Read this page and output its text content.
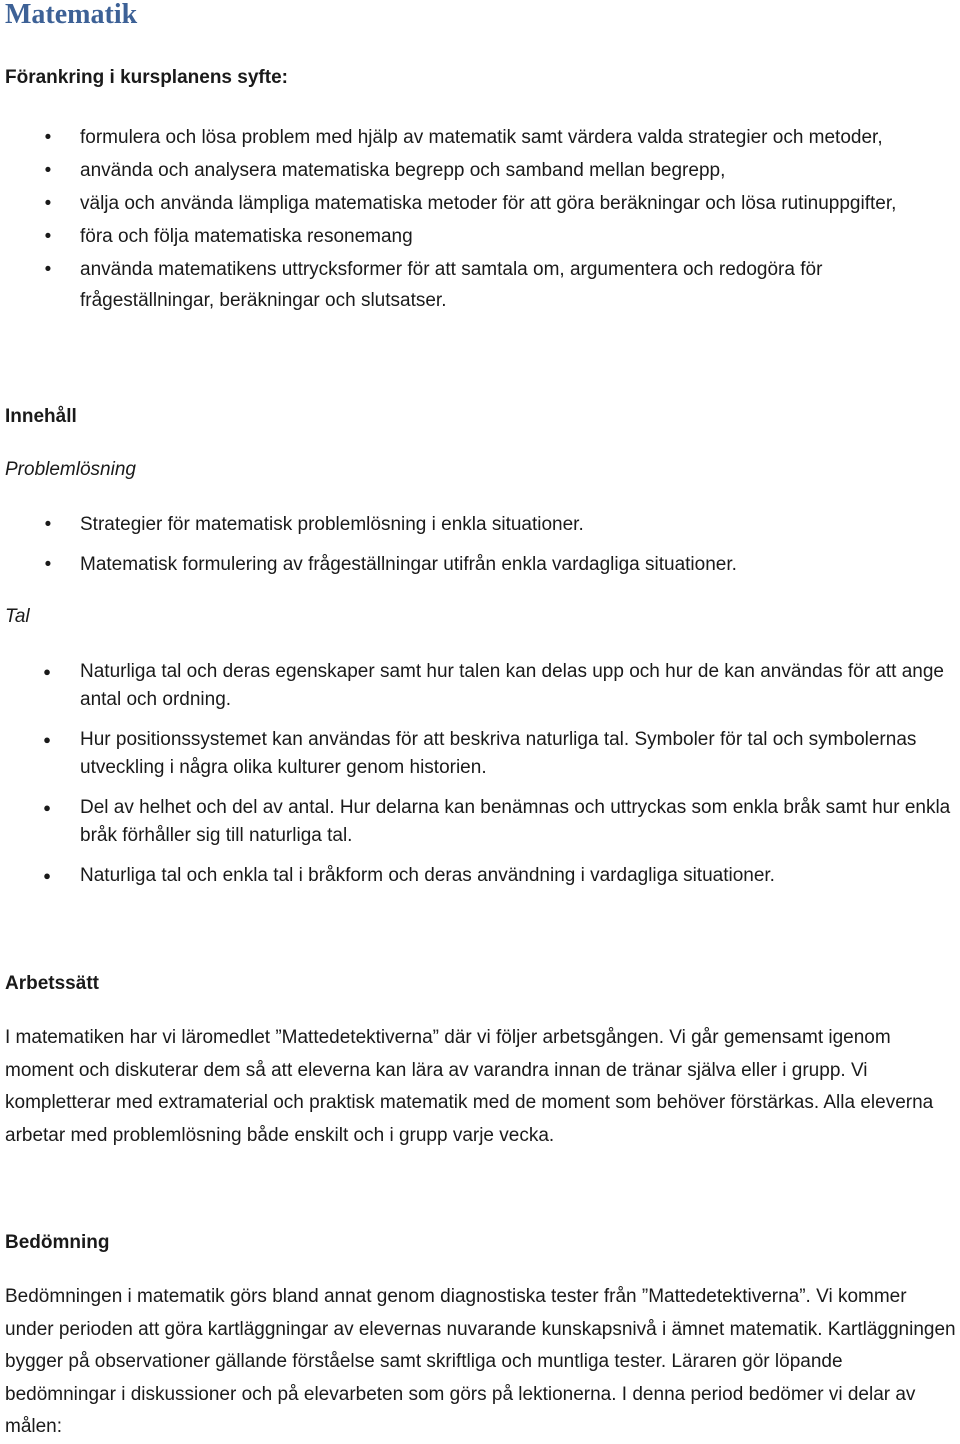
Matematik
Förankring i kursplanens syfte:
• formulera och lösa problem med hjälp av matematik samt värdera valda strategier och metoder,
• använda och analysera matematiska begrepp och samband mellan begrepp,
• välja och använda lämpliga matematiska metoder för att göra beräkningar och lösa rutinuppgifter,
• föra och följa matematiska resonemang
• använda matematikens uttrycksformer för att samtala om, argumentera och redogöra för frågeställningar, beräkningar och slutsatser.
Innehåll
Problemlösning
• Strategier för matematisk problemlösning i enkla situationer.
• Matematisk formulering av frågeställningar utifrån enkla vardagliga situationer.
Tal
● Naturliga tal och deras egenskaper samt hur talen kan delas upp och hur de kan användas för att ange antal och ordning.
● Hur positionssystemet kan användas för att beskriva naturliga tal. Symboler för tal och symbolernas utveckling i några olika kulturer genom historien.
● Del av helhet och del av antal. Hur delarna kan benämnas och uttryckas som enkla bråk samt hur enkla bråk förhåller sig till naturliga tal.
● Naturliga tal och enkla tal i bråkform och deras användning i vardagliga situationer.
Arbetssätt

I matematiken har vi läromedlet ”Mattedetektiverna” där vi följer arbetsgången. Vi går gemensamt igenom moment och diskuterar dem så att eleverna kan lära av varandra innan de tränar själva eller i grupp. Vi kompletterar med extramaterial och praktisk matematik med de moment som behöver förstärkas. Alla eleverna arbetar med problemlösning både enskilt och i grupp varje vecka.

Bedömning

Bedömningen i matematik görs bland annat genom diagnostiska tester från ”Mattedetektiverna”. Vi kommer under perioden att göra kartläggningar av elevernas nuvarande kunskapsnivå i ämnet matematik. Kartläggningen bygger på observationer gällande förståelse samt skriftliga och muntliga tester. Läraren gör löpande bedömningar i diskussioner och på elevarbeten som görs på lektionerna. I denna period bedömer vi delar av målen:
